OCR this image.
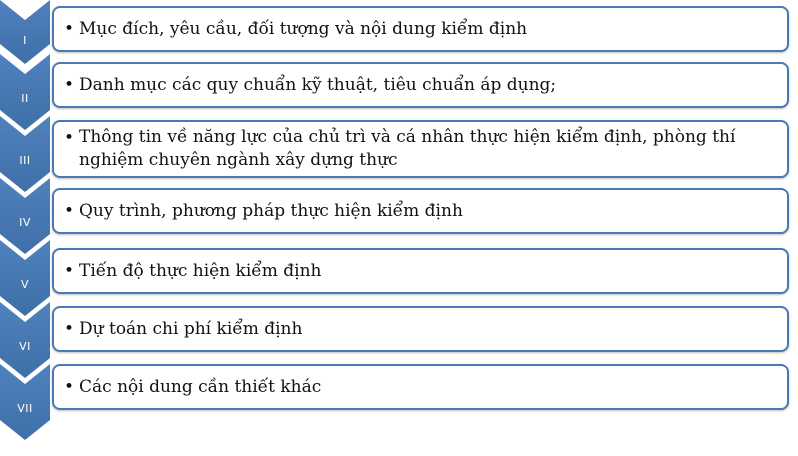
I
II
III
IV
V
VI
VII
• Mục đích, yêu cầu, đối tượng và nội dung kiểm định
• Danh mục các quy chuẩn kỹ thuật, tiêu chuẩn áp dụng;
• Thông tin về năng lực của chủ trì và cá nhân thực hiện kiểm định, phòng thí nghiệm chuyên ngành xây dựng thực
• Quy trình, phương pháp thực hiện kiểm định
• Tiến độ thực hiện kiểm định
• Dự toán chi phí kiểm định
• Các nội dung cần thiết khác
